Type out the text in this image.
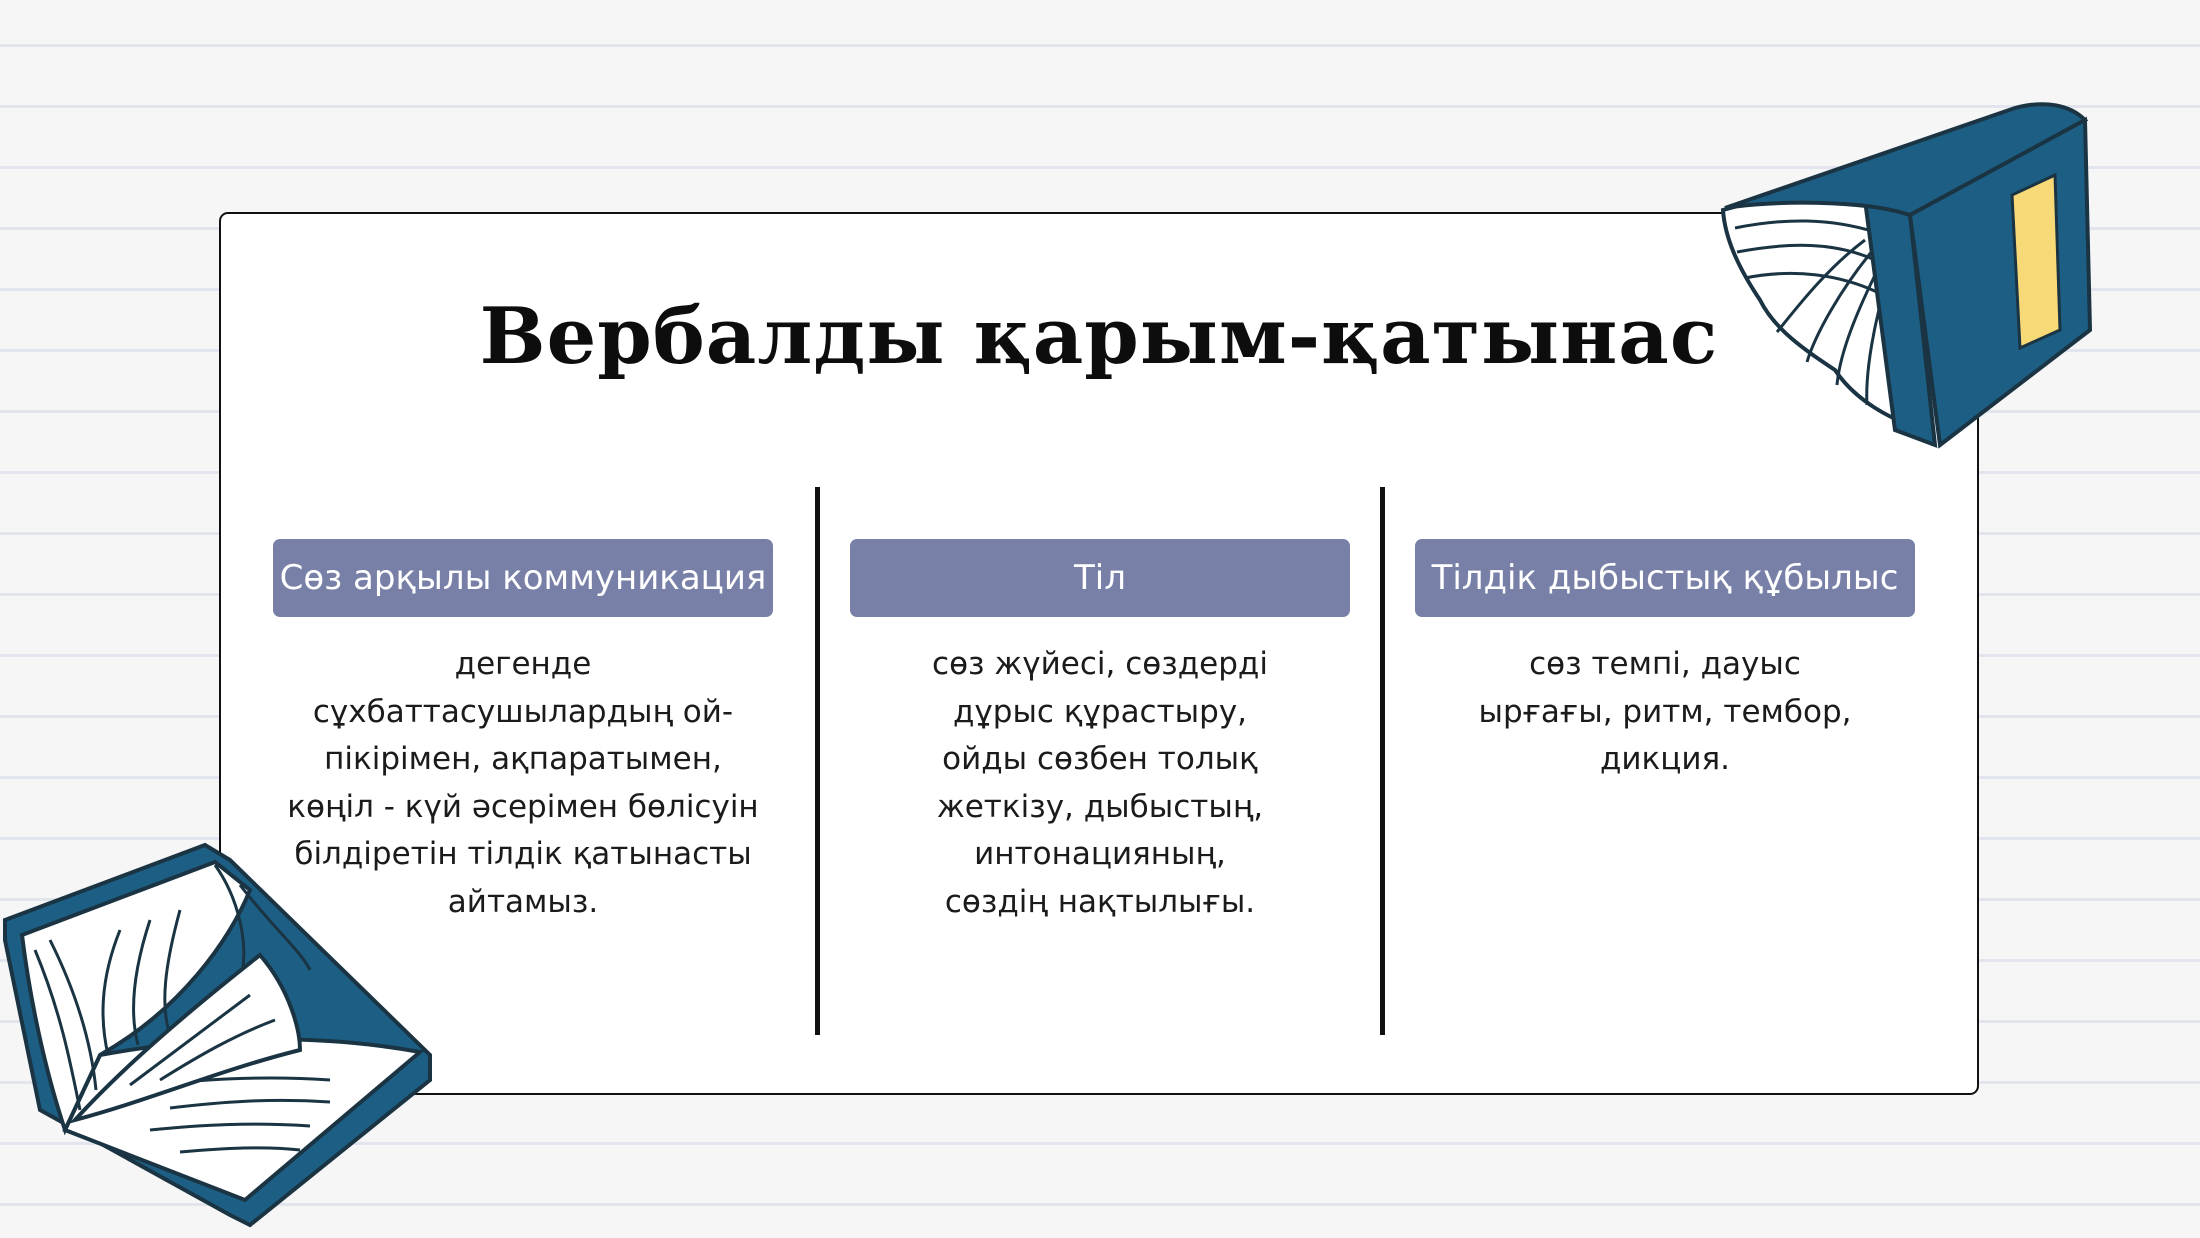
Вербалды қарым-қатынас
Сөз арқылы коммуникация
дегенде
сұхбаттасушылардың ой-
пікірімен, ақпаратымен,
көңіл - күй әсерімен бөлісуін
білдіретін тілдік қатынасты
айтамыз.
Тіл
сөз жүйесі, сөздерді
дұрыс құрастыру,
ойды сөзбен толық
жеткізу, дыбыстың,
интонацияның,
сөздің нақтылығы.
Тілдік дыбыстық құбылыс
сөз темпі, дауыс
ырғағы, ритм, тембор,
дикция.
